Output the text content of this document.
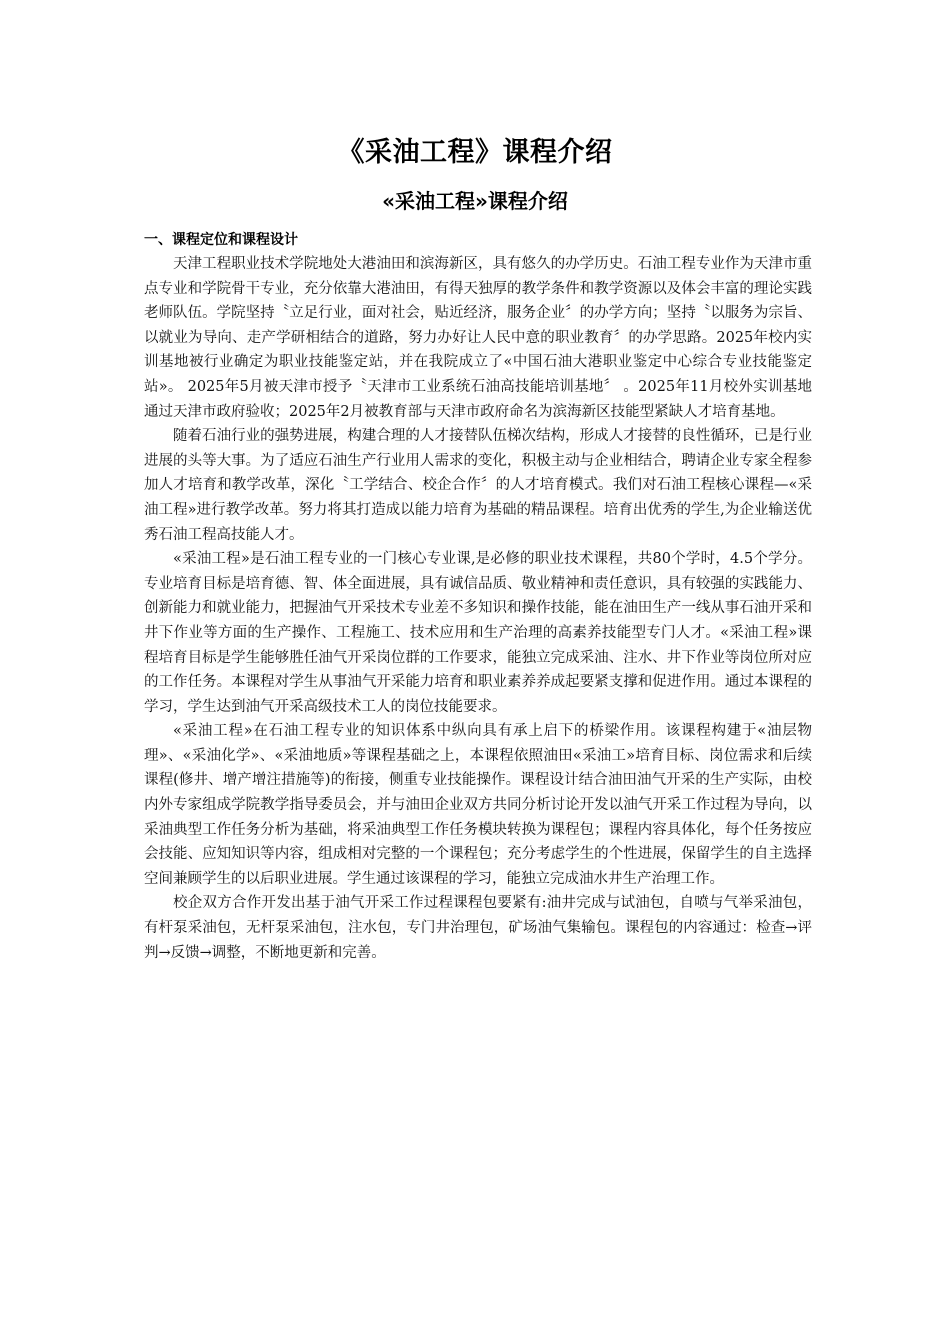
《采油工程》课程介绍
«采油工程»课程介绍

一、课程定位和课程设计

天津工程职业技术学院地处大港油田和滨海新区，具有悠久的办学历史。石油工程专业作为天津市重点专业和学院骨干专业，充分依靠大港油田，有得天独厚的教学条件和教学资源以及体会丰富的理论实践老师队伍。学院坚持〝立足行业，面对社会，贴近经济，服务企业〞的办学方向；坚持〝以服务为宗旨、以就业为导向、走产学研相结合的道路，努力办好让人民中意的职业教育〞的办学思路。2025年校内实训基地被行业确定为职业技能鉴定站，并在我院成立了«中国石油大港职业鉴定中心综合专业技能鉴定站»。 2025年5月被天津市授予〝天津市工业系统石油高技能培训基地〞 。2025年11月校外实训基地通过天津市政府验收；2025年2月被教育部与天津市政府命名为滨海新区技能型紧缺人才培育基地。

随着石油行业的强势进展，构建合理的人才接替队伍梯次结构，形成人才接替的良性循环，已是行业进展的头等大事。为了适应石油生产行业用人需求的变化，积极主动与企业相结合，聘请企业专家全程参加人才培育和教学改革，深化〝工学结合、校企合作〞的人才培育模式。我们对石油工程核心课程—«采油工程»进行教学改革。努力将其打造成以能力培育为基础的精品课程。培育出优秀的学生,为企业输送优秀石油工程高技能人才。

«采油工程»是石油工程专业的一门核心专业课,是必修的职业技术课程，共80个学时，4.5个学分。专业培育目标是培育德、智、体全面进展，具有诚信品质、敬业精神和责任意识，具有较强的实践能力、创新能力和就业能力，把握油气开采技术专业差不多知识和操作技能，能在油田生产一线从事石油开采和井下作业等方面的生产操作、工程施工、技术应用和生产治理的高素养技能型专门人才。«采油工程»课程培育目标是学生能够胜任油气开采岗位群的工作要求，能独立完成采油、注水、井下作业等岗位所对应的工作任务。本课程对学生从事油气开采能力培育和职业素养养成起要紧支撑和促进作用。通过本课程的学习，学生达到油气开采高级技术工人的岗位技能要求。

«采油工程»在石油工程专业的知识体系中纵向具有承上启下的桥梁作用。该课程构建于«油层物理»、«采油化学»、«采油地质»等课程基础之上，本课程依照油田«采油工»培育目标、岗位需求和后续课程(修井、增产增注措施等)的衔接，侧重专业技能操作。课程设计结合油田油气开采的生产实际，由校内外专家组成学院教学指导委员会，并与油田企业双方共同分析讨论开发以油气开采工作过程为导向，以采油典型工作任务分析为基础，将采油典型工作任务模块转换为课程包；课程内容具体化，每个任务按应会技能、应知知识等内容，组成相对完整的一个课程包；充分考虑学生的个性进展，保留学生的自主选择空间兼顾学生的以后职业进展。学生通过该课程的学习，能独立完成油水井生产治理工作。

校企双方合作开发出基于油气开采工作过程课程包要紧有:油井完成与试油包，自喷与气举采油包，有杆泵采油包，无杆泵采油包，注水包，专门井治理包，矿场油气集输包。课程包的内容通过：检查→评判→反馈→调整，不断地更新和完善。
